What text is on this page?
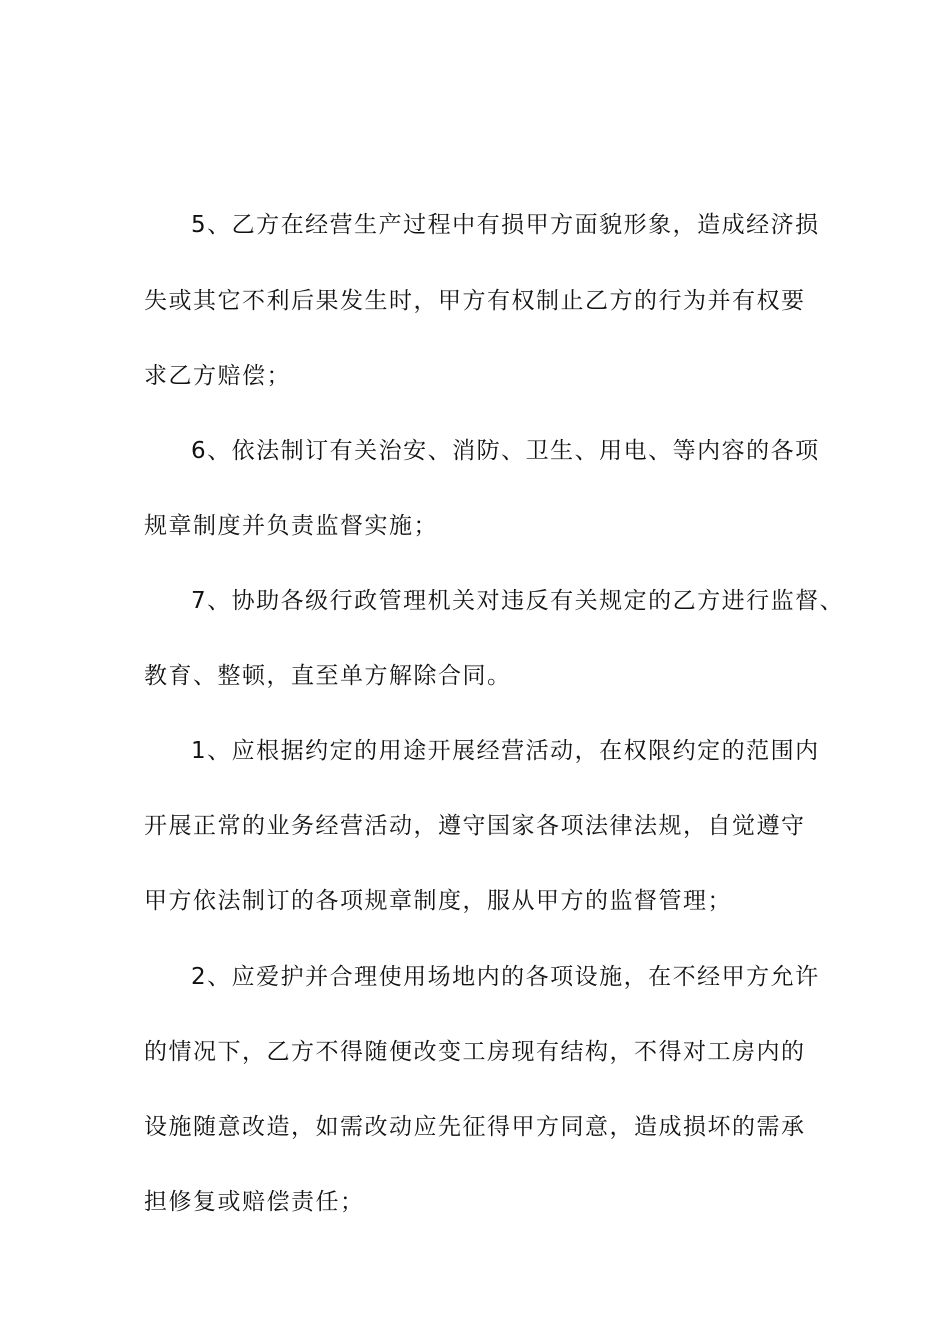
5、乙方在经营生产过程中有损甲方面貌形象，造成经济损
失或其它不利后果发生时，甲方有权制止乙方的行为并有权要
求乙方赔偿；
6、依法制订有关治安、消防、卫生、用电、等内容的各项
规章制度并负责监督实施；
7、协助各级行政管理机关对违反有关规定的乙方进行监督、
教育、整顿，直至单方解除合同。
1、应根据约定的用途开展经营活动，在权限约定的范围内
开展正常的业务经营活动，遵守国家各项法律法规，自觉遵守
甲方依法制订的各项规章制度，服从甲方的监督管理；
2、应爱护并合理使用场地内的各项设施，在不经甲方允许
的情况下，乙方不得随便改变工房现有结构，不得对工房内的
设施随意改造，如需改动应先征得甲方同意，造成损坏的需承
担修复或赔偿责任；
